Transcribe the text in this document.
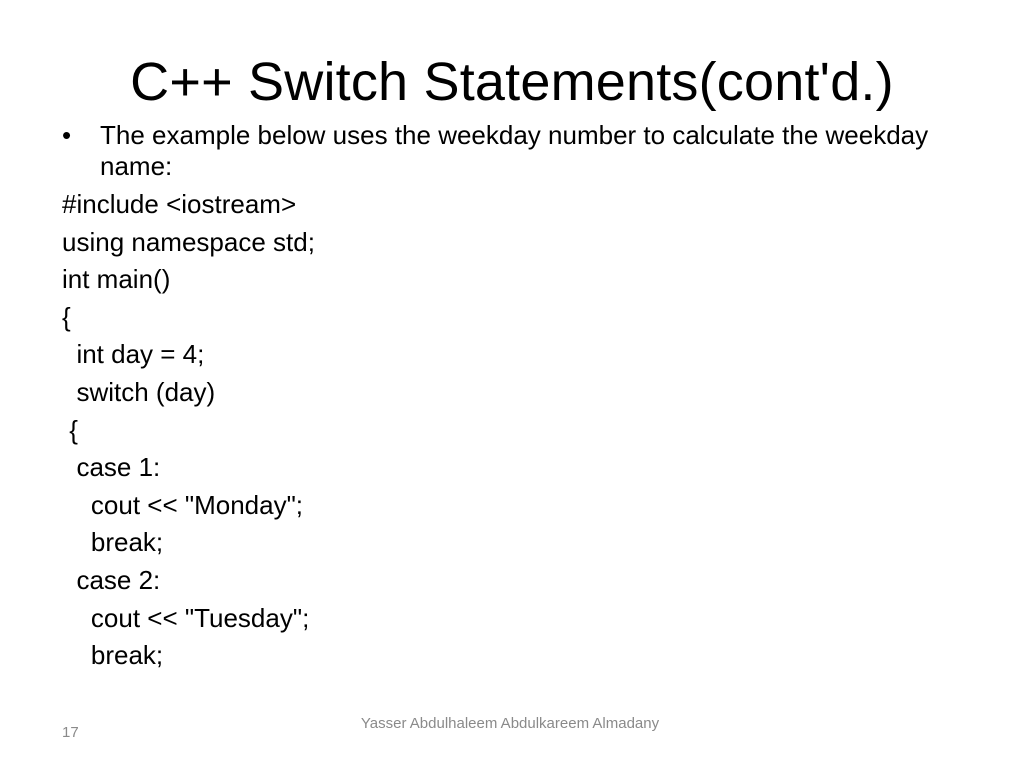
C++ Switch Statements(cont'd.)
•	The example below uses the weekday number to calculate the weekday name:
#include <iostream>
using namespace std;
int main()
{
int day = 4;
switch (day)
{
case 1:
cout << "Monday";
break;
case 2:
cout << "Tuesday";
break;
17
Yasser Abdulhaleem Abdulkareem Almadany
